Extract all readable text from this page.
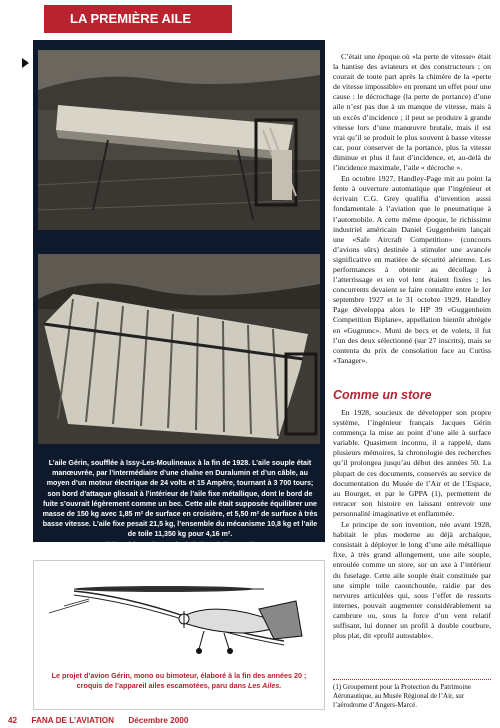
LA PREMIÈRE AILE
L’aile Gérin, soufflée à Issy-Les-Moulineaux à la fin de 1928. L’aile souple était manœuvrée, par l’intermédiaire d’une chaîne en Duralumin et d’un câble, au moyen d’un moteur électrique de 24 volts et 15 Ampère, tournant à 3 700 tours; son bord d’attaque glissait à l’intérieur de l’aile fixe métallique, dont le bord de fuite s’ouvrait légèrement comme un bec. Cette aile était supposée équilibrer une masse de 150 kg avec 1,85 m² de surface en croisière, et 5,50 m² de surface à très basse vitesse. L’aile fixe pesait 21,5 kg, l’ensemble du mécanisme 10,8 kg et l’aile de toile 11,350 kg pour 4,16 m².
(Photothèque du Musée de l’Air et de l’Espace)
Le projet d’avion Gérin, mono ou bimoteur, élaboré à la fin des années 20 ; croquis de l’appareil ailes escamotées, paru dans Les Ailes.

C’était une époque où «la perte de vitesse» était la hantise des aviateurs et des constructeurs ; on courait de toute part après la chimère de la «perte de vitesse impossible» en prenant un effet pour une cause : le décrochage (la perte de portance) d’une aile n’est pas due à un manque de vitesse, mais à un excès d’incidence ; il peut se produire à grande vitesse lors d’une manœuvre brutale, mais il est vrai qu’il se produit le plus souvent à basse vitesse car, pour conserver de la portance, plus la vitesse diminue et plus il faut d’incidence, et, au-delà de l’incidence maximale, l’aile « décroche ».

En octobre 1927, Handley-Page mit au point la fente à ouverture automatique que l’ingénieur et écrivain C.G. Grey qualifia d’invention aussi fondamentale à l’aviation que le pneumatique à l’automobile. A cette même époque, le richissime industriel américain Daniel Guggenheim lançait une «Safe Aircraft Competition» (concours d’avions sûrs) destinée à stimuler une avancée significative en matière de sécurité aérienne. Les performances à obtenir au décollage à l’atterrissage et en vol lent étaient fixées ; les concurrents devaient se faire connaître entre le 1er septembre 1927 et le 31 octobre 1929. Handley Page développa alors le HP 39 «Guggenheim Competition Biplane», appellation bientôt abrégée en «Gugnunc». Muni de becs et de volets, il fut l’un des deux sélectionné (sur 27 inscrits), mais se contenta du prix de consolation face au Curtiss «Tanager».

Comme un store

En 1928, soucieux de développer son propre système, l’ingénieur français Jacques Gérin commença la mise au point d’une aile à surface variable. Quasiment inconnu, il a rappelé, dans plusieurs mémoires, la chronologie des recherches qu’il prolongea jusqu’au début des années 50. La plupart de ces documents, conservés au service de documentation du Musée de l’Air et de l’Espace, au Bourget, et par le GPPA (1), permettent de retracer son histoire en laissant entrevoir une personnalité imaginative et enflammée.

Le principe de son invention, née avant 1928, habitait le plus moderne au déjà archaïque, consistait à déployer le long d’une aile métallique fixe, à très grand allongement, une aile souple, enroulée comme un store, sur un axe à l’intérieur du fuselage. Cette aile souple était constituée par une simple toile caoutchoutée, raidie par des nervures articulées qui, sous l’effet de ressorts internes, pouvait augmenter considérablement sa cambrure ou, sous la force d’un vent relatif suffisant, lui donner un profil à double courbure, plus plat, dit «profil autostable».

(1) Groupement pour la Protection du Patrimoine Aéronautique, au Musée Régional de l’Air, sur l’aérodrome d’Angers-Marcé.
42 FANA DE L’AVIATION Décembre 2000
